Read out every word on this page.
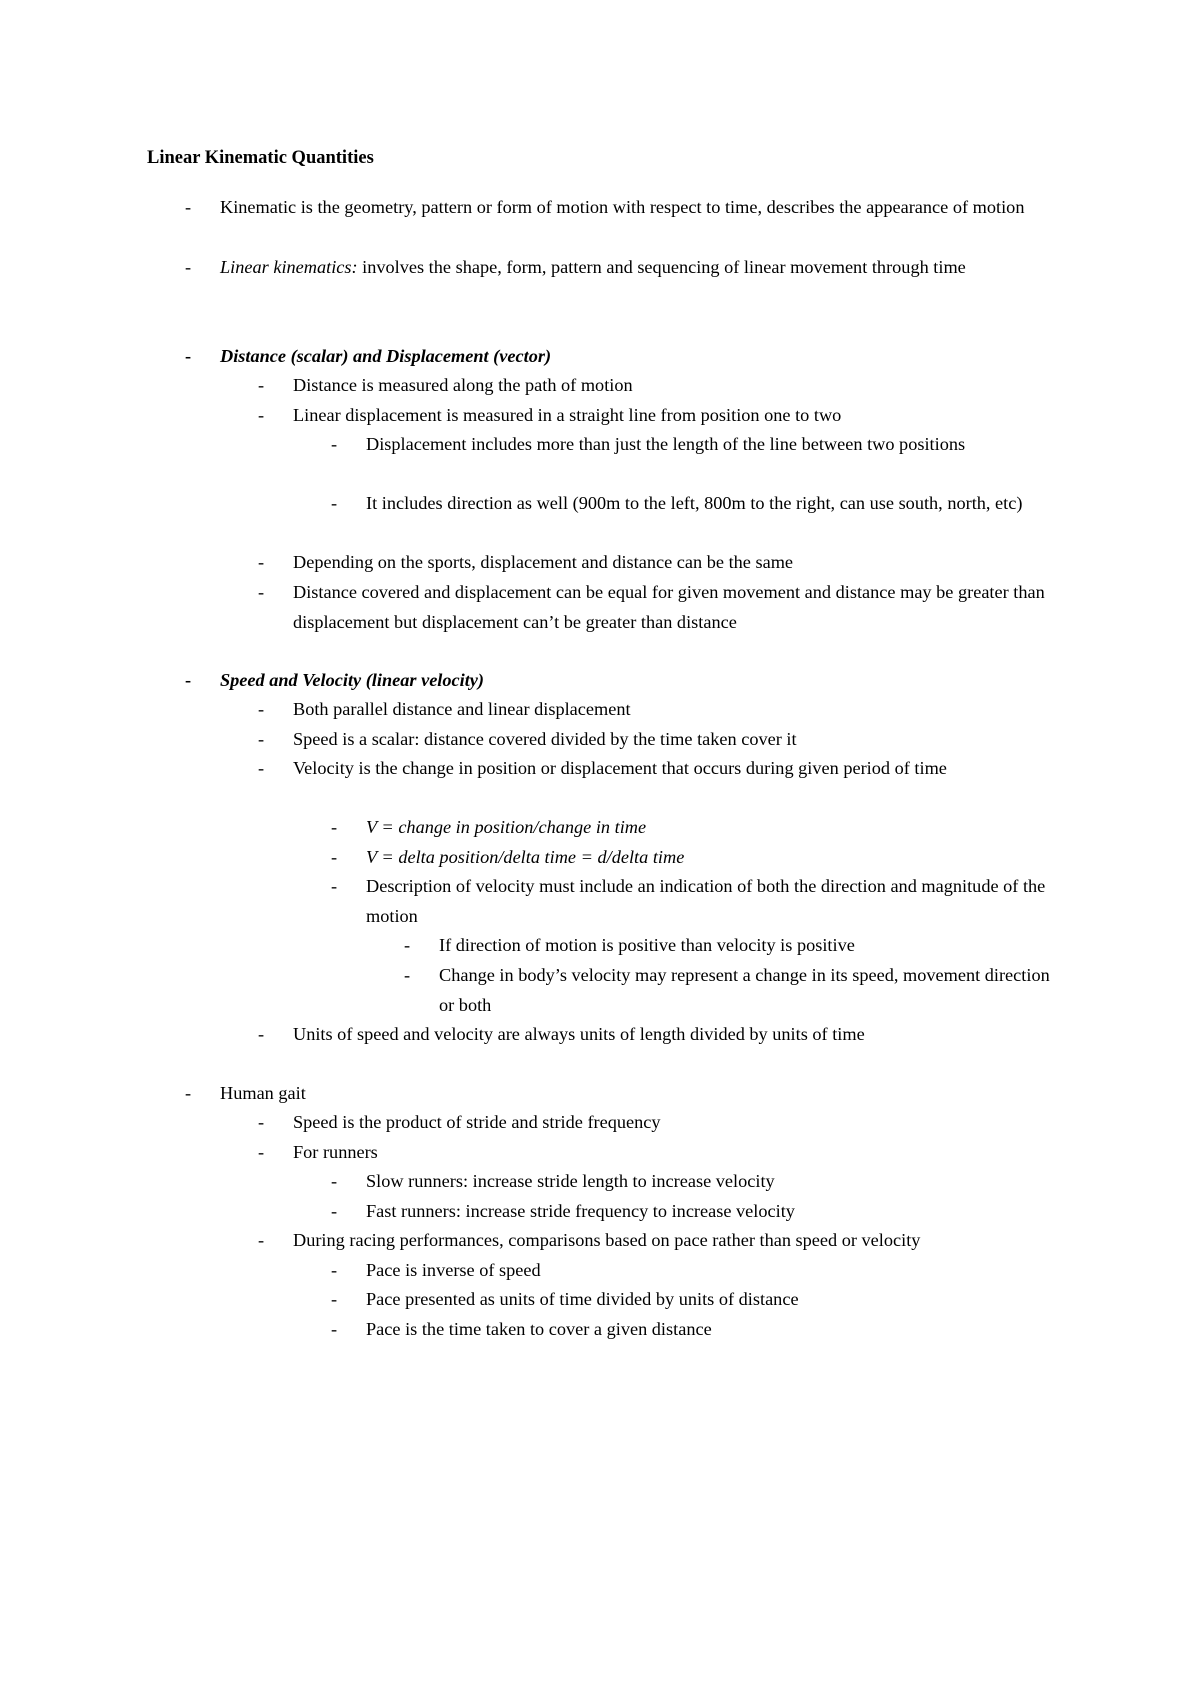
Linear Kinematic Quantities
-	Kinematic is the geometry, pattern or form of motion with respect to time, describes the appearance of motion
-	Linear kinematics: involves the shape, form, pattern and sequencing of linear movement through time
-	Distance (scalar) and Displacement (vector)
-	Distance is measured along the path of motion
-	Linear displacement is measured in a straight line from position one to two
-	Displacement includes more than just the length of the line between two positions
-	It includes direction as well (900m to the left, 800m to the right, can use south, north, etc)
-	Depending on the sports, displacement and distance can be the same
-	Distance covered and displacement can be equal for given movement and distance may be greater than displacement but displacement can’t be greater than distance
-	Speed and Velocity (linear velocity)
-	Both parallel distance and linear displacement
-	Speed is a scalar: distance covered divided by the time taken cover it
-	Velocity is the change in position or displacement that occurs during given period of time
-	V = change in position/change in time
-	V = delta position/delta time = d/delta time
-	Description of velocity must include an indication of both the direction and magnitude of the motion
-	If direction of motion is positive than velocity is positive
-	Change in body’s velocity may represent a change in its speed, movement direction or both
-	Units of speed and velocity are always units of length divided by units of time
-	Human gait
-	Speed is the product of stride and stride frequency
-	For runners
-	Slow runners: increase stride length to increase velocity
-	Fast runners: increase stride frequency to increase velocity
-	During racing performances, comparisons based on pace rather than speed or velocity
-	Pace is inverse of speed
-	Pace presented as units of time divided by units of distance
-	Pace is the time taken to cover a given distance
